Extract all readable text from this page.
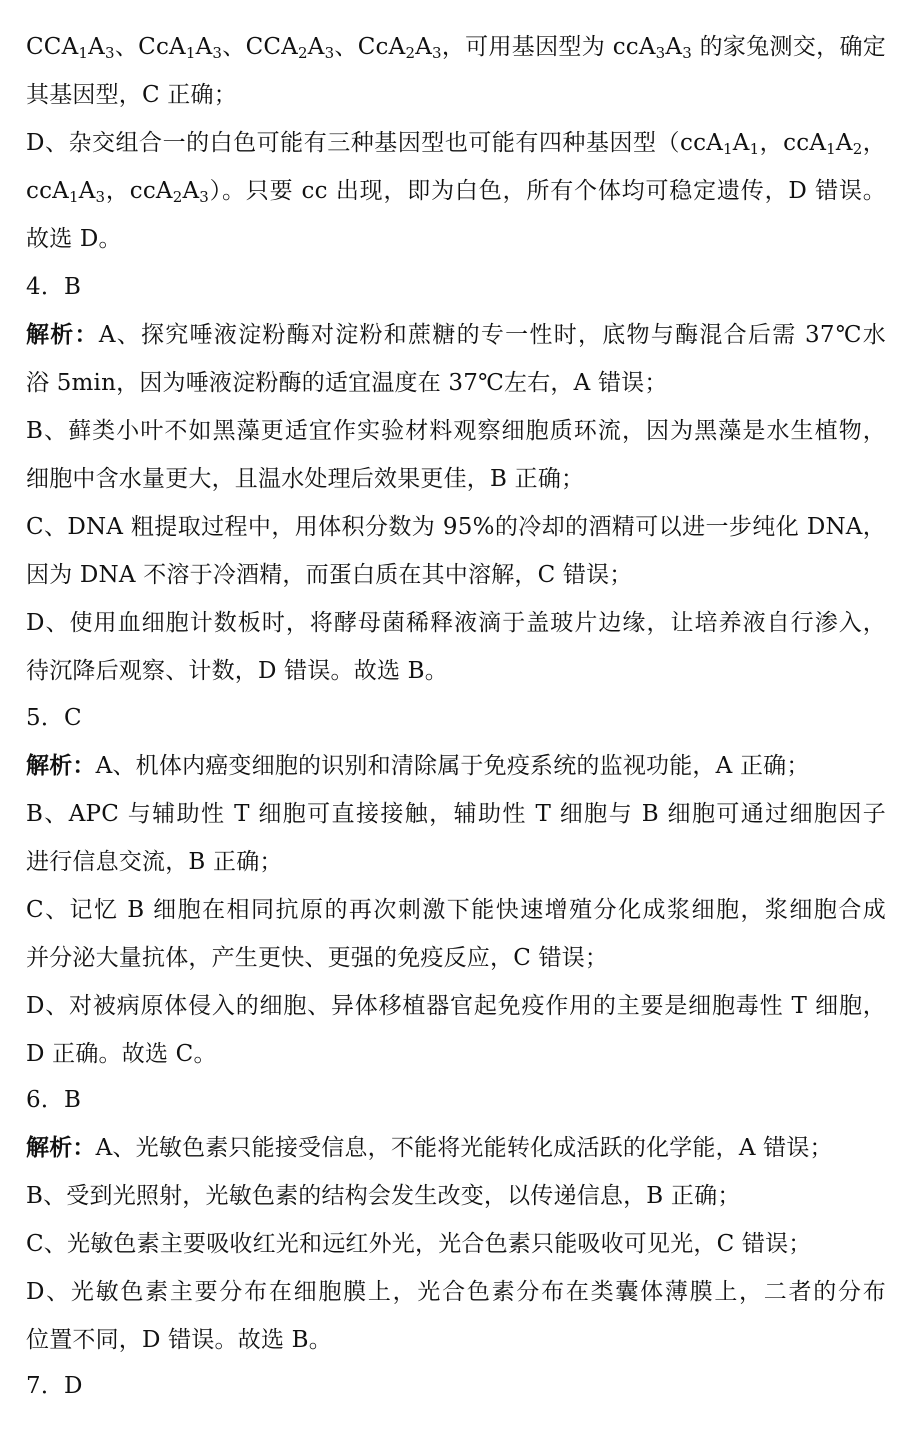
$CCA_1A_3$、$CcA_1A_3$、$CCA_2A_3$、$CcA_2A_3$，可用基因型为 $ccA_3A_3$ 的家兔测交，确定
其基因型，C 正确；
D、杂交组合一的白色可能有三种基因型也可能有四种基因型（$ccA_1A_1$，$ccA_1A_2$，
$ccA_1A_3$，$ccA_2A_3$）。只要 cc 出现，即为白色，所有个体均可稳定遗传，D 错误。
故选 D。
4．B
解析：A、探究唾液淀粉酶对淀粉和蔗糖的专一性时，底物与酶混合后需 37℃水
浴 5min，因为唾液淀粉酶的适宜温度在 37℃左右，A 错误；
B、藓类小叶不如黑藻更适宜作实验材料观察细胞质环流，因为黑藻是水生植物，
细胞中含水量更大，且温水处理后效果更佳，B 正确；
C、DNA 粗提取过程中，用体积分数为 95%的冷却的酒精可以进一步纯化 DNA，
因为 DNA 不溶于冷酒精，而蛋白质在其中溶解，C 错误；
D、使用血细胞计数板时，将酵母菌稀释液滴于盖玻片边缘，让培养液自行渗入，
待沉降后观察、计数，D 错误。故选 B。
5．C
解析：A、机体内癌变细胞的识别和清除属于免疫系统的监视功能，A 正确；
B、APC 与辅助性 T 细胞可直接接触，辅助性 T 细胞与 B 细胞可通过细胞因子
进行信息交流，B 正确；
C、记忆 B 细胞在相同抗原的再次刺激下能快速增殖分化成浆细胞，浆细胞合成
并分泌大量抗体，产生更快、更强的免疫反应，C 错误；
D、对被病原体侵入的细胞、异体移植器官起免疫作用的主要是细胞毒性 T 细胞，
D 正确。故选 C。
6．B
解析：A、光敏色素只能接受信息，不能将光能转化成活跃的化学能，A 错误；
B、受到光照射，光敏色素的结构会发生改变，以传递信息，B 正确；
C、光敏色素主要吸收红光和远红外光，光合色素只能吸收可见光，C 错误；
D、光敏色素主要分布在细胞膜上，光合色素分布在类囊体薄膜上，二者的分布
位置不同，D 错误。故选 B。
7．D
